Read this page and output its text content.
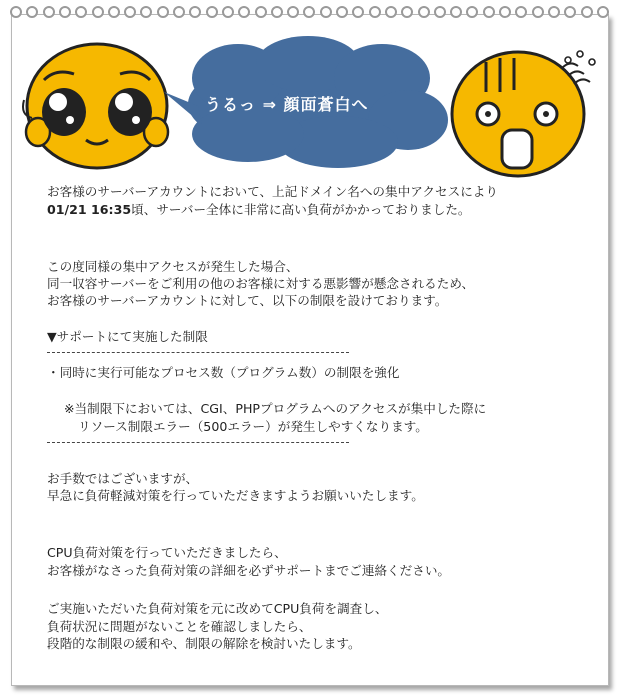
うるっ ⇒ 顔面蒼白へ
お客様のサーバーアカウントにおいて、上記ドメイン名への集中アクセスにより
01/21 16:35頃、サーバー全体に非常に高い負荷がかかっておりました。
この度同様の集中アクセスが発生した場合、
同一収容サーバーをご利用の他のお客様に対する悪影響が懸念されるため、
お客様のサーバーアカウントに対して、以下の制限を設けております。
▼サポートにて実施した制限
・同時に実行可能なプロセス数（プログラム数）の制限を強化
※当制限下においては、CGI、PHPプログラムへのアクセスが集中した際に
リソース制限エラー（500エラー）が発生しやすくなります。
お手数ではございますが、
早急に負荷軽減対策を行っていただきますようお願いいたします。
CPU負荷対策を行っていただきましたら、
お客様がなさった負荷対策の詳細を必ずサポートまでご連絡ください。
ご実施いただいた負荷対策を元に改めてCPU負荷を調査し、
負荷状況に問題がないことを確認しましたら、
段階的な制限の緩和や、制限の解除を検討いたします。
